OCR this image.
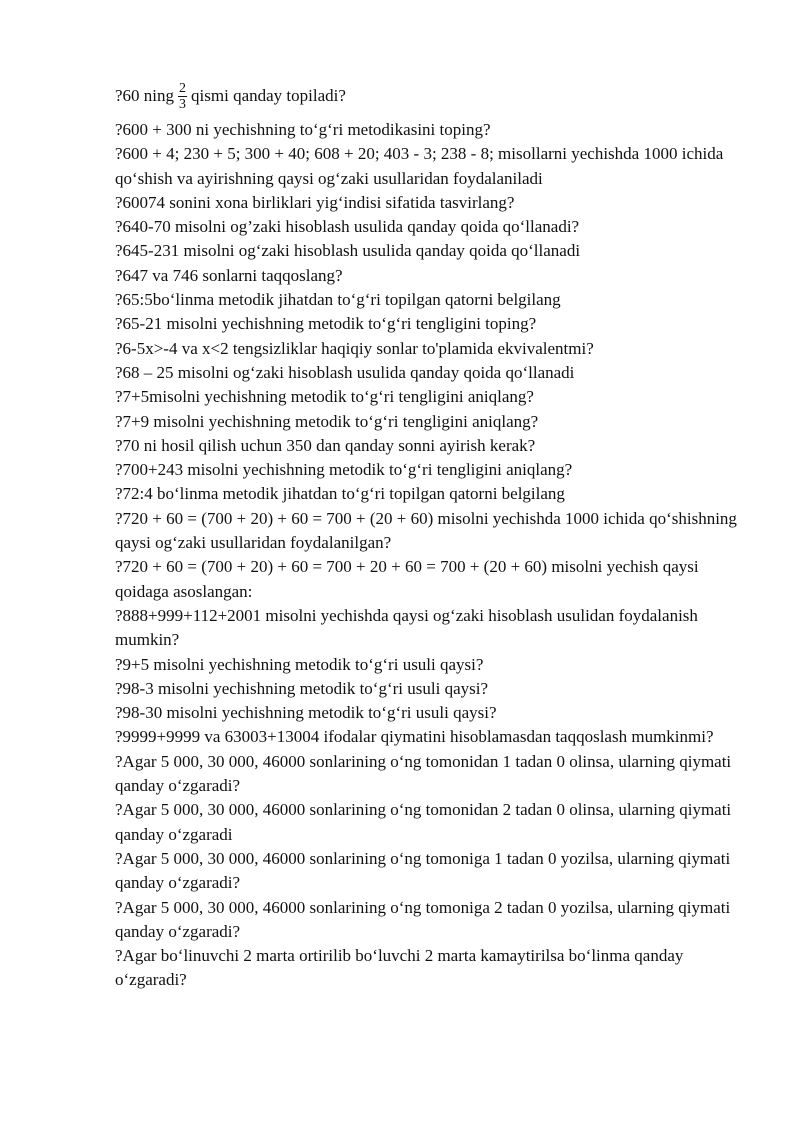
?60 ning $\frac{2}{3}$ qismi qanday topiladi?

?600 + 300 ni yechishning to‘g‘ri metodikasini toping?

?600 + 4; 230 + 5; 300 + 40; 608 + 20; 403 - 3; 238 - 8; misollarni yechishda 1000 ichida qo‘shish va ayirishning qaysi og‘zaki usullaridan foydalaniladi

?60074 sonini xona birliklari yig‘indisi sifatida tasvirlang?

?640-70 misolni og’zaki hisoblash usulida qanday qoida qo‘llanadi?

?645-231 misolni og‘zaki hisoblash usulida qanday qoida qo‘llanadi

?647 va 746 sonlarni taqqoslang?

?65:5bo‘linma metodik jihatdan to‘g‘ri topilgan qatorni belgilang

?65-21 misolni yechishning metodik to‘g‘ri tengligini toping?

?6-5x>-4 va x<2 tengsizliklar haqiqiy sonlar to'plamida ekvivalentmi?

?68 – 25 misolni og‘zaki hisoblash usulida qanday qoida qo‘llanadi

?7+5misolni yechishning metodik to‘g‘ri tengligini aniqlang?

?7+9 misolni yechishning metodik to‘g‘ri tengligini aniqlang?

?70 ni hosil qilish uchun 350 dan qanday sonni ayirish kerak?

?700+243 misolni yechishning metodik to‘g‘ri tengligini aniqlang?

?72:4 bo‘linma metodik jihatdan to‘g‘ri topilgan qatorni belgilang

?720 + 60 = (700 + 20) + 60 = 700 + (20 + 60) misolni yechishda 1000 ichida qo‘shishning qaysi og‘zaki usullaridan foydalanilgan?

?720 + 60 = (700 + 20) + 60 = 700 + 20 + 60 = 700 + (20 + 60) misolni yechish qaysi qoidaga asoslangan:

?888+999+112+2001 misolni yechishda qaysi og‘zaki hisoblash usulidan foydalanish mumkin?

?9+5 misolni yechishning metodik to‘g‘ri usuli qaysi?

?98-3 misolni yechishning metodik to‘g‘ri usuli qaysi?

?98-30 misolni yechishning metodik to‘g‘ri usuli qaysi?

?9999+9999 va 63003+13004 ifodalar qiymatini hisoblamasdan taqqoslash mumkinmi?

?Agar 5 000, 30 000, 46000 sonlarining o‘ng tomonidan 1 tadan 0 olinsa, ularning qiymati qanday o‘zgaradi?

?Agar 5 000, 30 000, 46000 sonlarining o‘ng tomonidan 2 tadan 0 olinsa, ularning qiymati qanday o‘zgaradi

?Agar 5 000, 30 000, 46000 sonlarining o‘ng tomoniga 1 tadan 0 yozilsa, ularning qiymati qanday o‘zgaradi?

?Agar 5 000, 30 000, 46000 sonlarining o‘ng tomoniga 2 tadan 0 yozilsa, ularning qiymati qanday o‘zgaradi?

?Agar bo‘linuvchi 2 marta ortirilib bo‘luvchi 2 marta kamaytirilsa bo‘linma qanday o‘zgaradi?
